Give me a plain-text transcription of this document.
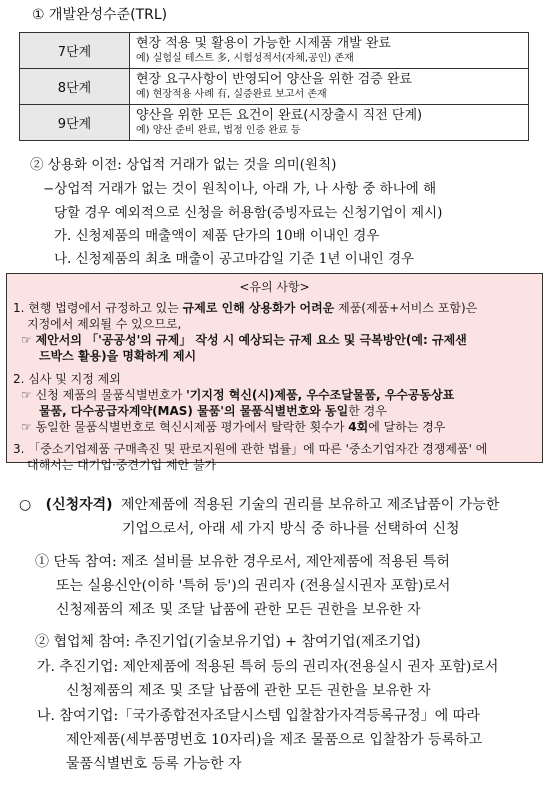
① 개발완성수준(TRL)
7단계	현장 적용 및 활용이 가능한 시제품 개발 완료
예) 실험실 테스트 多, 시험성적서(자체,공인) 존재

8단계	현장 요구사항이 반영되어 양산을 위한 검증 완료
예) 현장적용 사례 有, 실증완료 보고서 존재

9단계	양산을 위한 모든 요건이 완료(시장출시 직전 단계)
예) 양산 준비 완료, 법정 인증 완료 등
② 상용화 이전: 상업적 거래가 없는 것을 의미(원칙)
−상업적 거래가 없는 것이 원칙이나, 아래 가, 나 사항 중 하나에 해
당할 경우 예외적으로 신청을 허용함(증빙자료는 신청기업이 제시)
가. 신청제품의 매출액이 제품 단가의 10배 이내인 경우
나. 신청제품의 최초 매출이 공고마감일 기준 1년 이내인 경우
<유의 사항>
1. 현행 법령에서 규정하고 있는 규제로 인해 상용화가 어려운 제품(제품+서비스 포함)은
지정에서 제외될 수 있으므로,
☞ 제안서의 「'공공성'의 규제」 작성 시 예상되는 규제 요소 및 극복방안(예: 규제샌
드박스 활용)을 명확하게 제시
2. 심사 및 지정 제외
☞ 신청 제품의 물품식별번호가 '기지정 혁신(시)제품, 우수조달물품, 우수공동상표
물품, 다수공급자계약(MAS) 물품'의 물품식별번호와 동일한 경우
☞ 동일한 물품식별번호로 혁신시제품 평가에서 탈락한 횟수가 4회에 달하는 경우
3. 「중소기업제품 구매촉진 및 판로지원에 관한 법률」에 따른 '중소기업자간 경쟁제품' 에
대해서는 대기업·중견기업 제안 불가
○ (신청자격) 제안제품에 적용된 기술의 권리를 보유하고 제조납품이 가능한
기업으로서, 아래 세 가지 방식 중 하나를 선택하여 신청
① 단독 참여: 제조 설비를 보유한 경우로서, 제안제품에 적용된 특허
또는 실용신안(이하 '특허 등')의 권리자 (전용실시권자 포함)로서
신청제품의 제조 및 조달 납품에 관한 모든 권한을 보유한 자
② 협업체 참여: 추진기업(기술보유기업) + 참여기업(제조기업)
가. 추진기업: 제안제품에 적용된 특허 등의 권리자(전용실시 권자 포함)로서
신청제품의 제조 및 조달 납품에 관한 모든 권한을 보유한 자
나. 참여기업:「국가종합전자조달시스템 입찰참가자격등록규정」에 따라
제안제품(세부품명번호 10자리)을 제조 물품으로 입찰참가 등록하고
물품식별번호 등록 가능한 자
